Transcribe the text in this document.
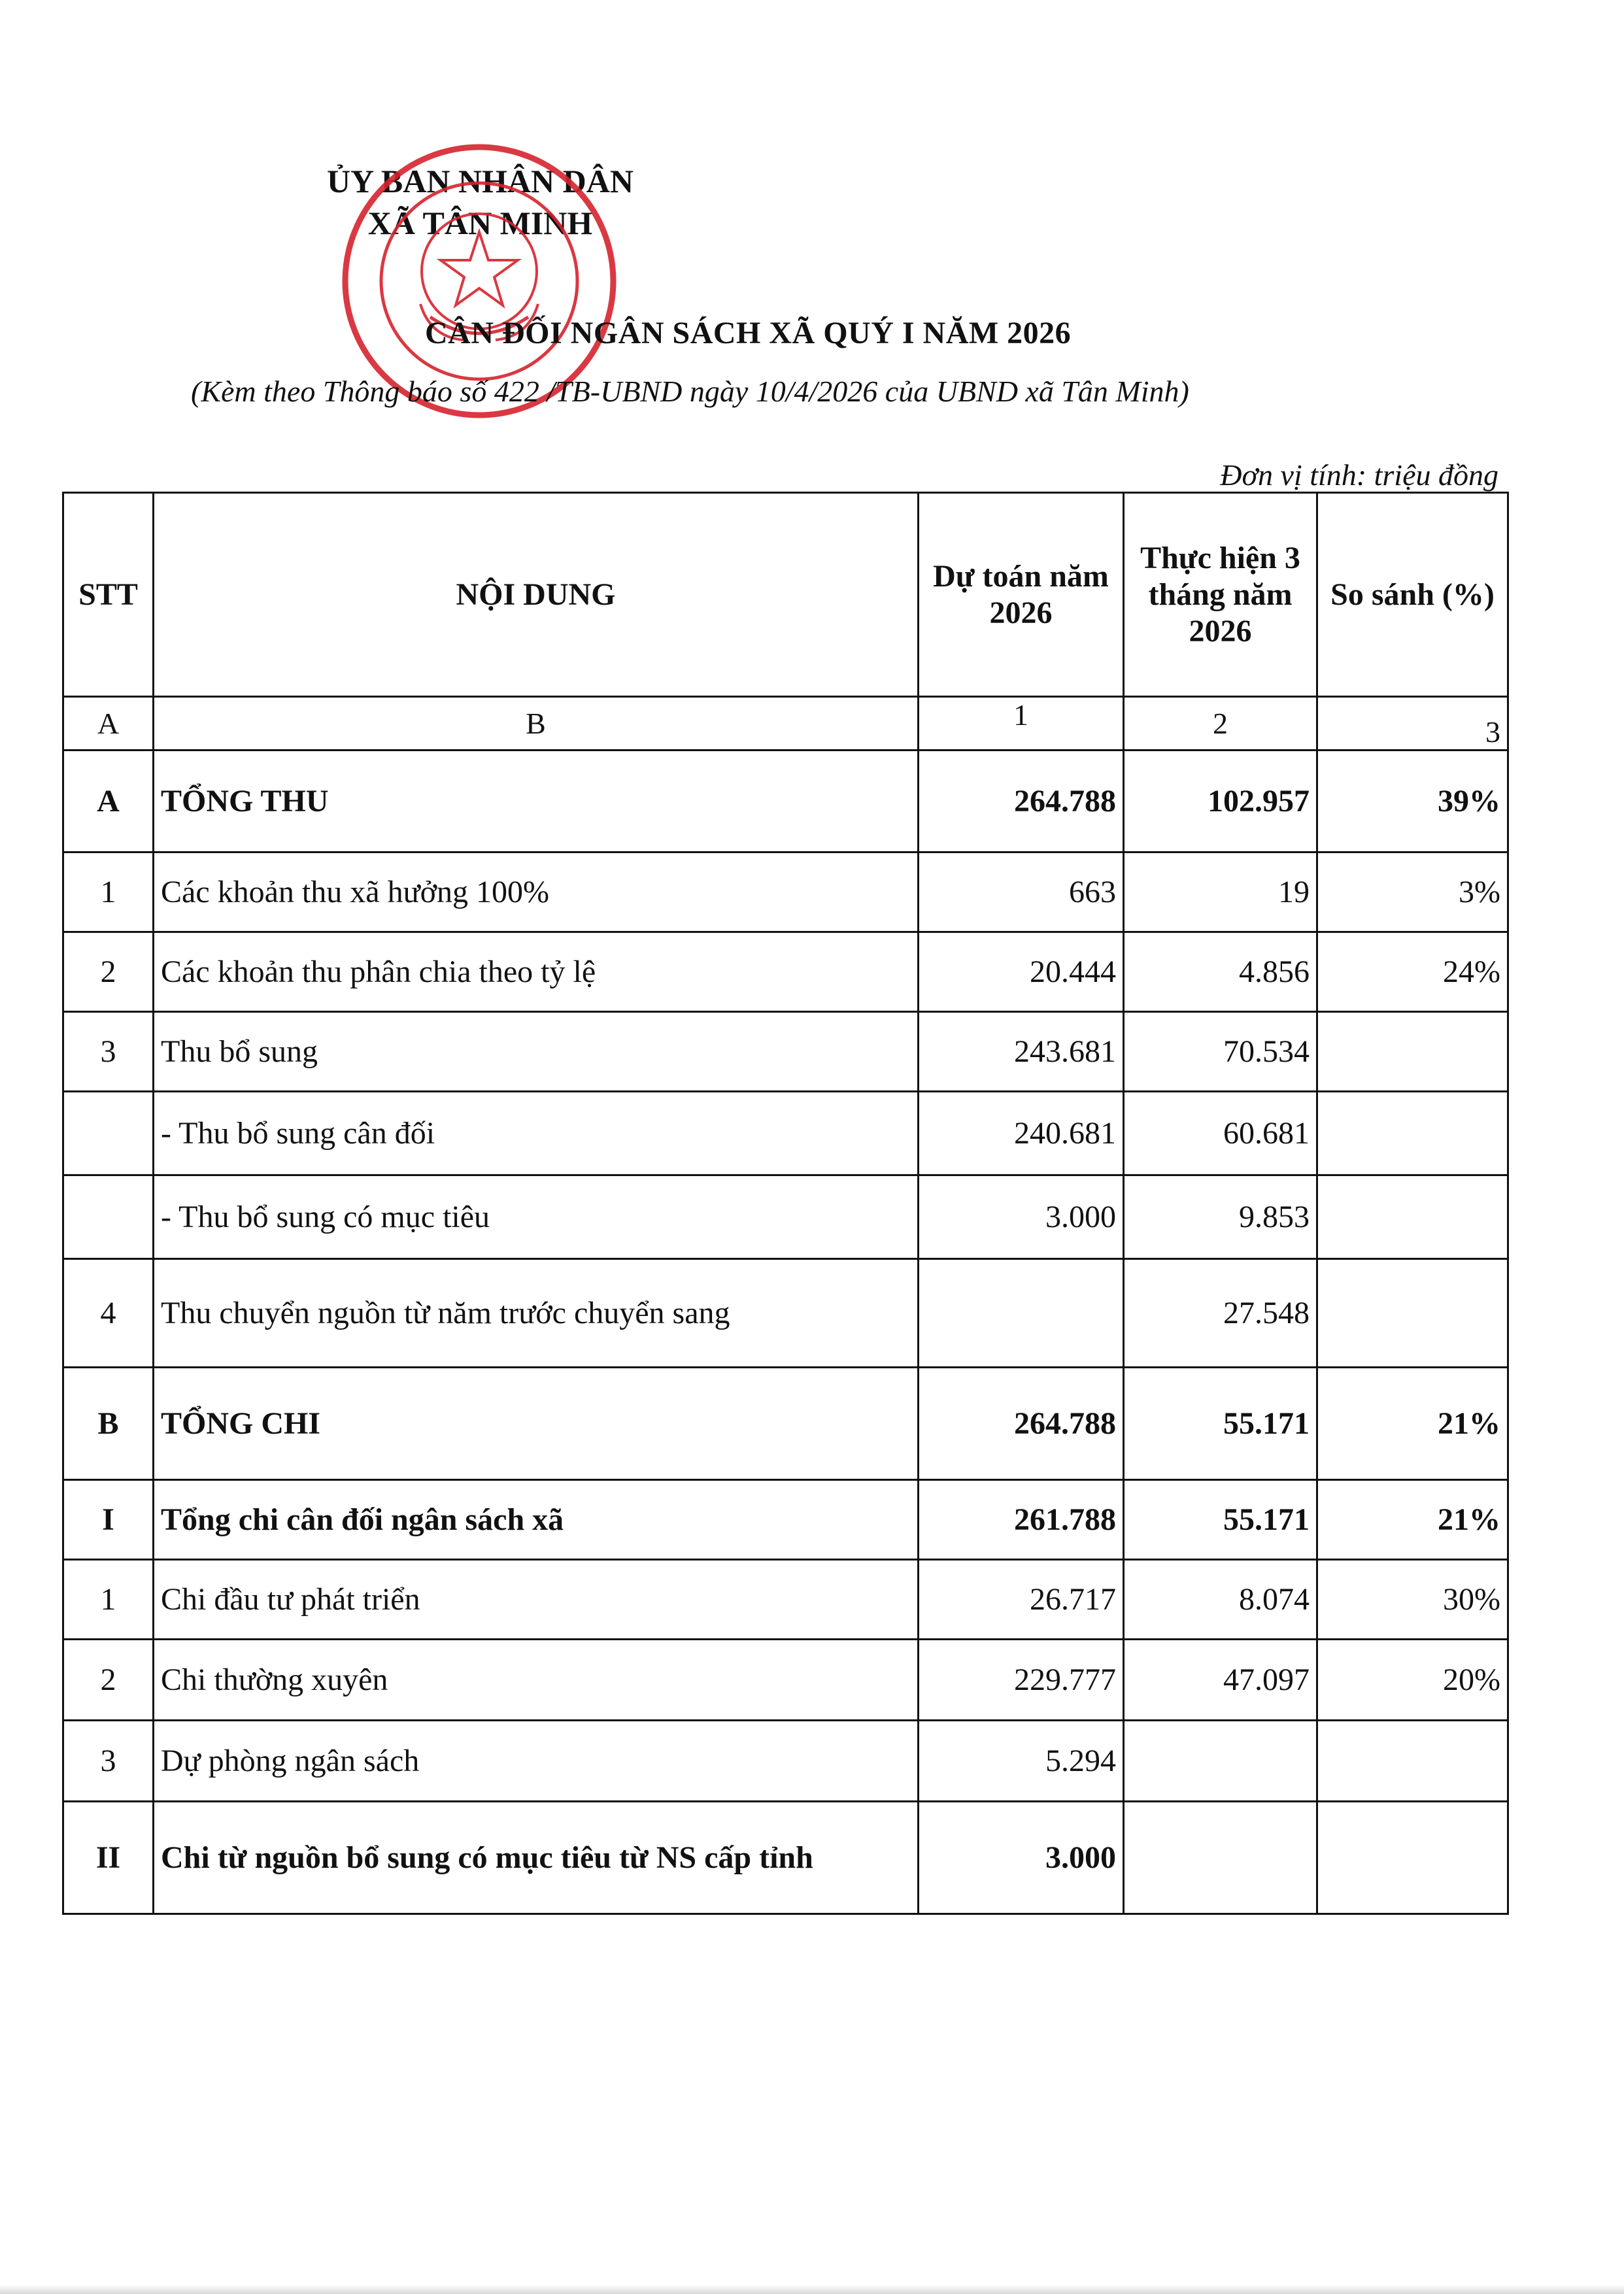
ỦY BAN NHÂN DÂN
XÃ TÂN MINH
CÂN ĐỐI NGÂN SÁCH XÃ QUÝ I NĂM 2026
(Kèm theo Thông báo số 422 /TB-UBND ngày 10/4/2026 của UBND xã Tân Minh)
Đơn vị tính: triệu đồng
STT	NỘI DUNG	Dự toán năm 2026	Thực hiện 3 tháng năm 2026	So sánh (%)
A	B	1	2	3
A	TỔNG THU	264.788	102.957	39%
1	Các khoản thu xã hưởng 100%	663	19	3%
2	Các khoản thu phân chia theo tỷ lệ	20.444	4.856	24%
3	Thu bổ sung	243.681	70.534	
	- Thu bổ sung cân đối	240.681	60.681	
	- Thu bổ sung có mục tiêu	3.000	9.853	
4	Thu chuyển nguồn từ năm trước chuyển sang		27.548	
B	TỔNG CHI	264.788	55.171	21%
I	Tổng chi cân đối ngân sách xã	261.788	55.171	21%
1	Chi đầu tư phát triển	26.717	8.074	30%
2	Chi thường xuyên	229.777	47.097	20%
3	Dự phòng ngân sách	5.294		
II	Chi từ nguồn bổ sung có mục tiêu từ NS cấp tỉnh	3.000		
